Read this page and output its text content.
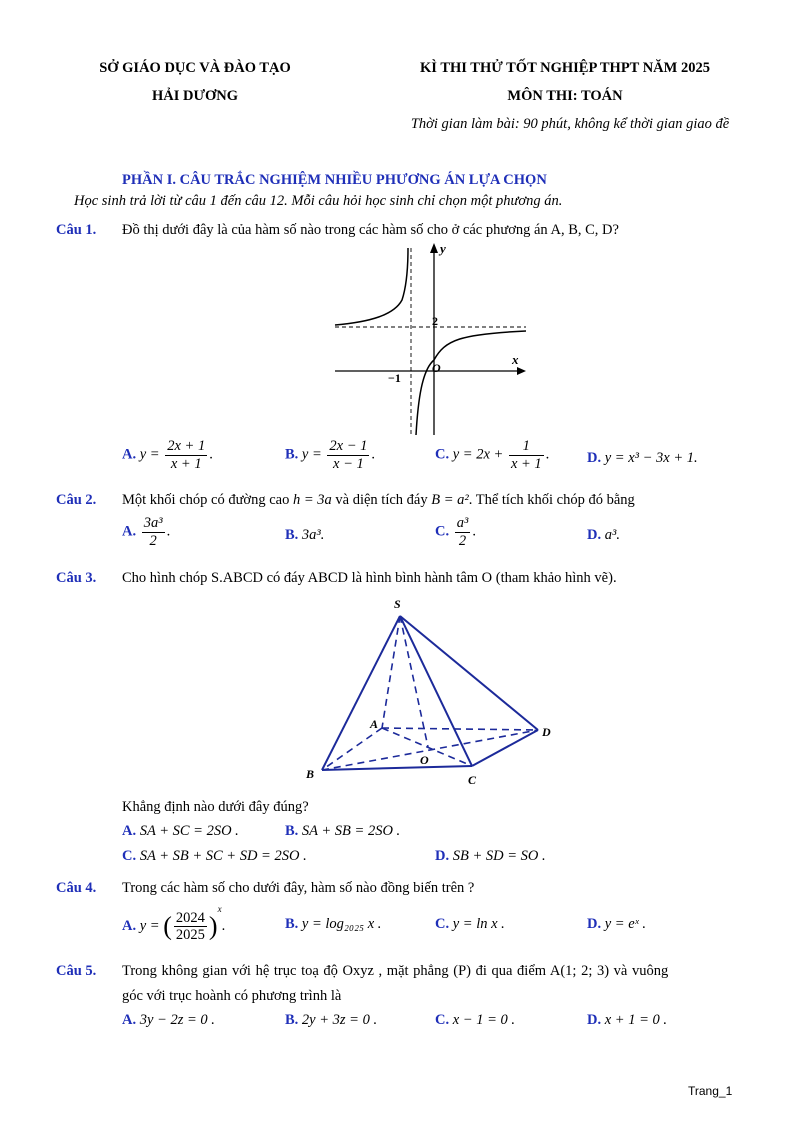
SỞ GIÁO DỤC VÀ ĐÀO TẠO
HẢI DƯƠNG
KÌ THI THỬ TỐT NGHIỆP THPT NĂM 2025
MÔN THI: TOÁN
Thời gian làm bài: 90 phút, không kể thời gian giao đề
PHẦN I. CÂU TRẮC NGHIỆM NHIỀU PHƯƠNG ÁN LỰA CHỌN
Học sinh trả lời từ câu 1 đến câu 12. Mỗi câu hỏi học sinh chỉ chọn một phương án.
Câu 1. Đồ thị dưới đây là của hàm số nào trong các hàm số cho ở các phương án A, B, C, D?
y
x
O
2
−1
A. $y = \frac{2x + 1}{x + 1}$ .	B. $y = \frac{2x - 1}{x - 1}$ .	C. $y = 2x + \frac{1}{x + 1}$ .	D. y = x³ − 3x + 1.
Câu 2. Một khối chóp có đường cao h = 3a và diện tích đáy B = a². Thể tích khối chóp đó bằng
A. $\frac{\text{3a³}}{2}$ .	B. 3a³.	C. $\frac{\text{a³}}{2}$ .	D. a³.
Câu 3. Cho hình chóp S.ABCD có đáy ABCD là hình bình hành tâm O (tham khảo hình vẽ).
S
A
B	C
D
O
Khẳng định nào dưới đây đúng?
A. SA + SC = 2SO .	B. SA + SB = 2SO .
C. SA + SB + SC + SD = 2SO .	D. SB + SD = SO .
Câu 4. Trong các hàm số cho dưới đây, hàm số nào đồng biến trên ?
A. y = ( $\frac{2024}{2025} )^x$.	B. y = log₂₀₂₅ x .	C. y = ln x .	D. y = eˣ .
Câu 5. Trong không gian với hệ trục toạ độ Oxyz , mặt phẳng (P) đi qua điểm A(1; 2; 3) và vuông
góc với trục hoành có phương trình là
A. 3y − 2z = 0 .	B. 2y + 3z = 0 .	C. x − 1 = 0 .	D. x + 1 = 0 .
Trang_1
